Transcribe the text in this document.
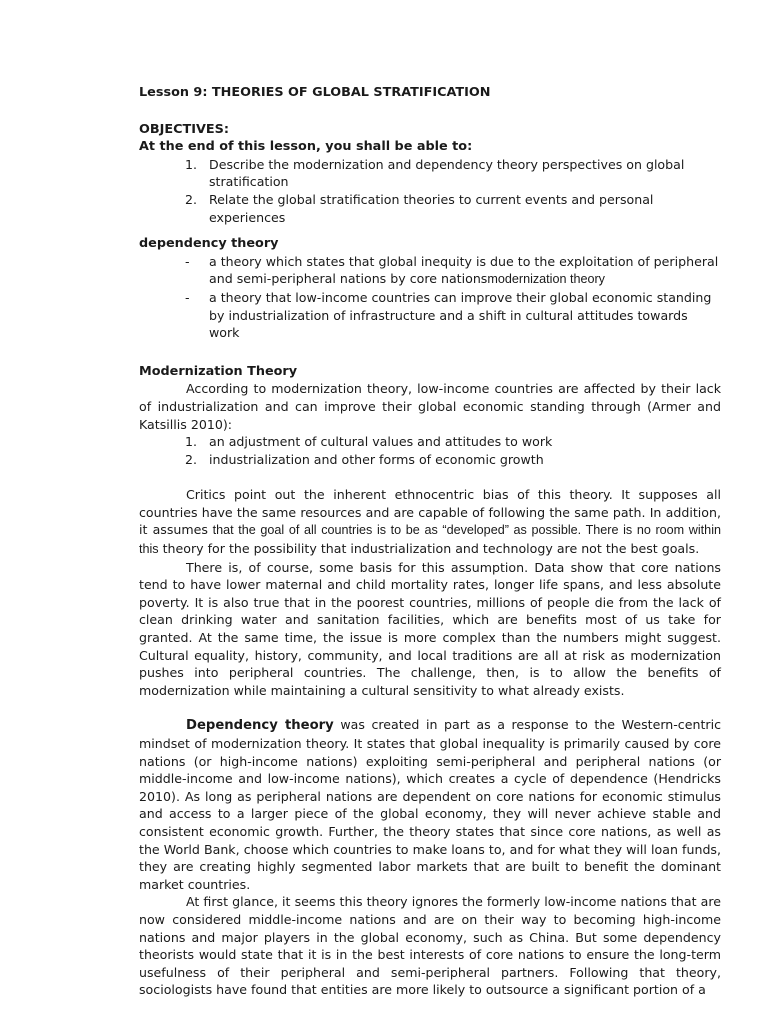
Lesson 9: THEORIES OF GLOBAL STRATIFICATION
OBJECTIVES:
At the end of this lesson, you shall be able to:
1. Describe the modernization and dependency theory perspectives on global stratification
2. Relate the global stratification theories to current events and personal experiences
dependency theory
- a theory which states that global inequity is due to the exploitation of peripheral and semi-peripheral nations by core nationsmodernization theory
- a theory that low-income countries can improve their global economic standing by industrialization of infrastructure and a shift in cultural attitudes towards work
Modernization Theory

According to modernization theory, low-income countries are affected by their lack of industrialization and can improve their global economic standing through (Armer and Katsillis 2010):

1. an adjustment of cultural values and attitudes to work
2. industrialization and other forms of economic growth

Critics point out the inherent ethnocentric bias of this theory. It supposes all countries have the same resources and are capable of following the same path. In addition, it assumes that the goal of all countries is to be as “developed” as possible. There is no room within this theory for the possibility that industrialization and technology are not the best goals.

There is, of course, some basis for this assumption. Data show that core nations tend to have lower maternal and child mortality rates, longer life spans, and less absolute poverty. It is also true that in the poorest countries, millions of people die from the lack of clean drinking water and sanitation facilities, which are benefits most of us take for granted. At the same time, the issue is more complex than the numbers might suggest. Cultural equality, history, community, and local traditions are all at risk as modernization pushes into peripheral countries. The challenge, then, is to allow the benefits of modernization while maintaining a cultural sensitivity to what already exists.

Dependency theory was created in part as a response to the Western-centric mindset of modernization theory. It states that global inequality is primarily caused by core nations (or high-income nations) exploiting semi-peripheral and peripheral nations (or middle-income and low-income nations), which creates a cycle of dependence (Hendricks 2010). As long as peripheral nations are dependent on core nations for economic stimulus and access to a larger piece of the global economy, they will never achieve stable and consistent economic growth. Further, the theory states that since core nations, as well as the World Bank, choose which countries to make loans to, and for what they will loan funds, they are creating highly segmented labor markets that are built to benefit the dominant market countries.

At first glance, it seems this theory ignores the formerly low-income nations that are now considered middle-income nations and are on their way to becoming high-income nations and major players in the global economy, such as China. But some dependency theorists would state that it is in the best interests of core nations to ensure the long-term usefulness of their peripheral and semi-peripheral partners. Following that theory, sociologists have found that entities are more likely to outsource a significant portion of a
